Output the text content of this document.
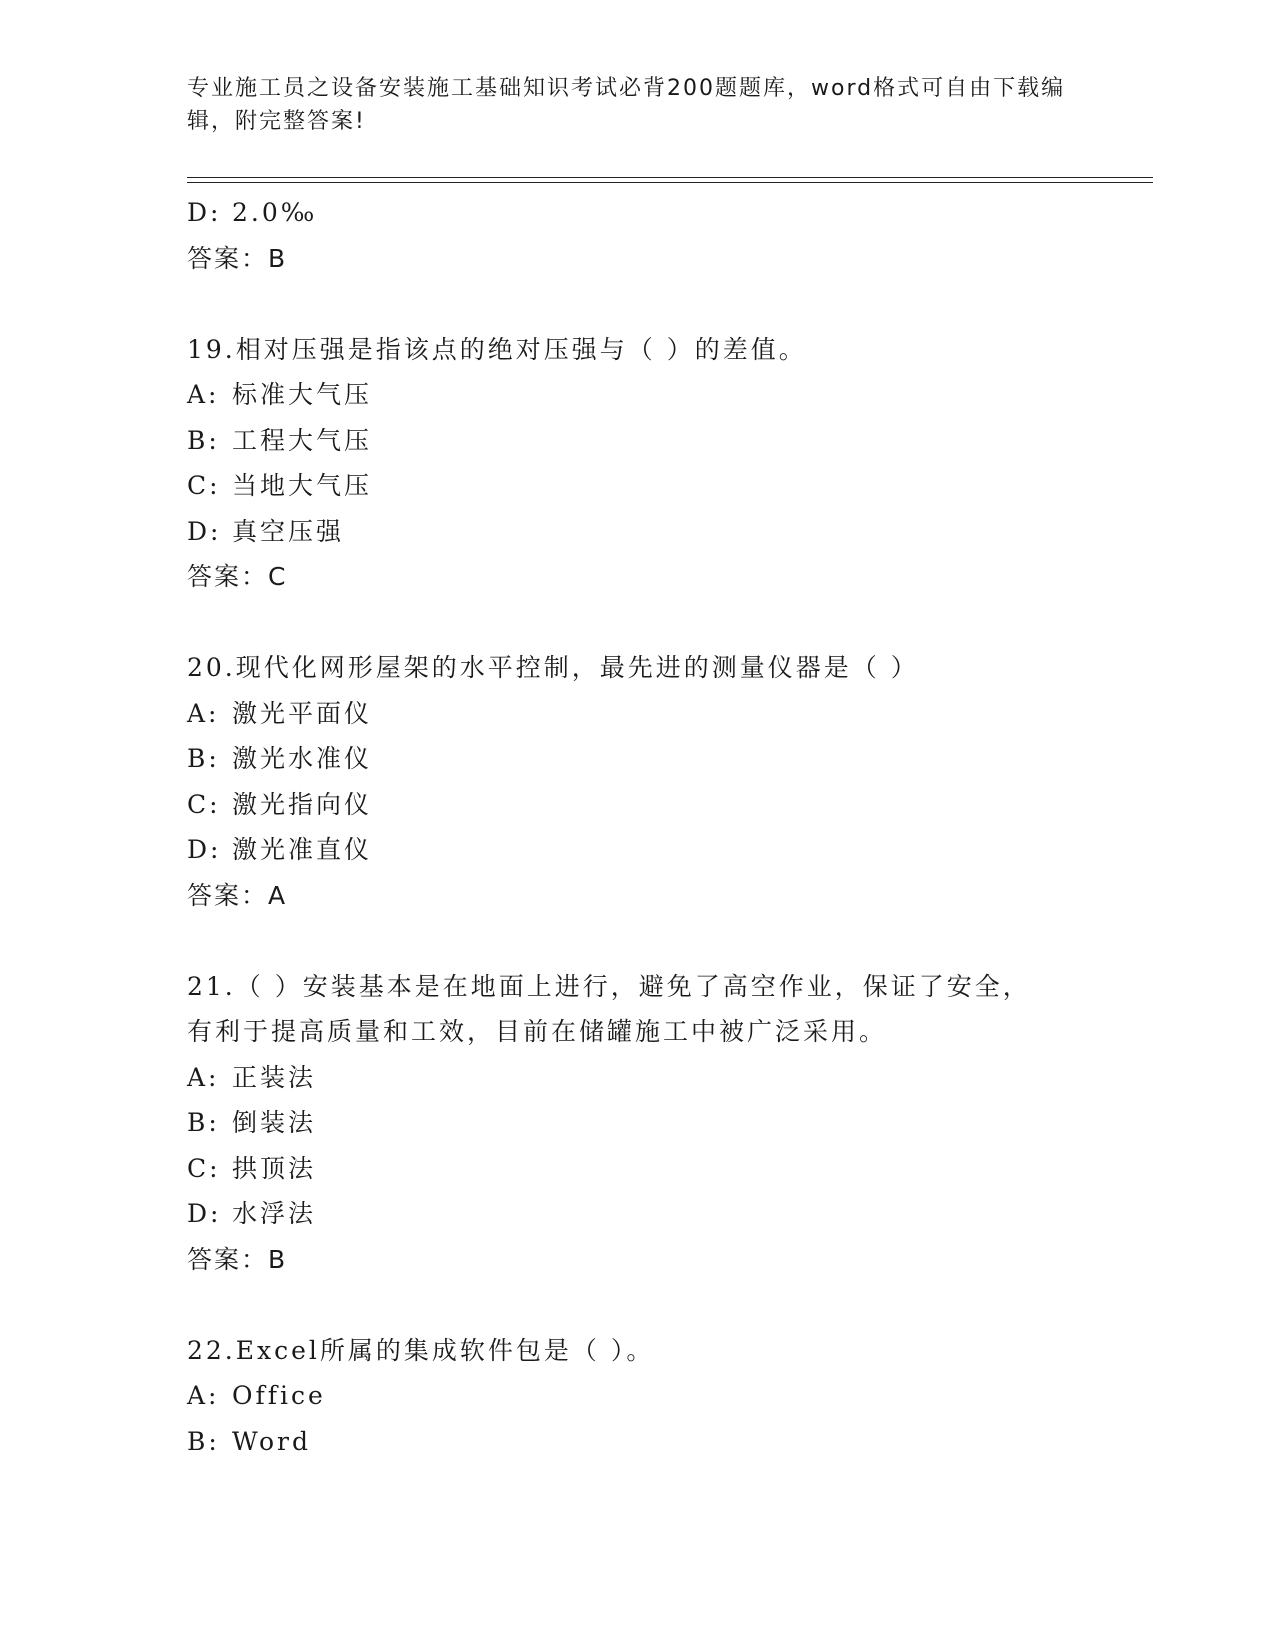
专业施工员之设备安装施工基础知识考试必背200题题库，word格式可自由下载编辑，附完整答案!
D: 2.0‰
答案：B
19.相对压强是指该点的绝对压强与（ ）的差值。
A: 标准大气压
B: 工程大气压
C: 当地大气压
D: 真空压强
答案：C
20.现代化网形屋架的水平控制，最先进的测量仪器是（ ）
A: 激光平面仪
B: 激光水准仪
C: 激光指向仪
D: 激光准直仪
答案：A
21.（ ）安装基本是在地面上进行，避免了高空作业，保证了安全，有利于提高质量和工效，目前在储罐施工中被广泛采用。
A: 正装法
B: 倒装法
C: 拱顶法
D: 水浮法
答案：B
22.Excel所属的集成软件包是（ ）。
A: Office
B: Word
